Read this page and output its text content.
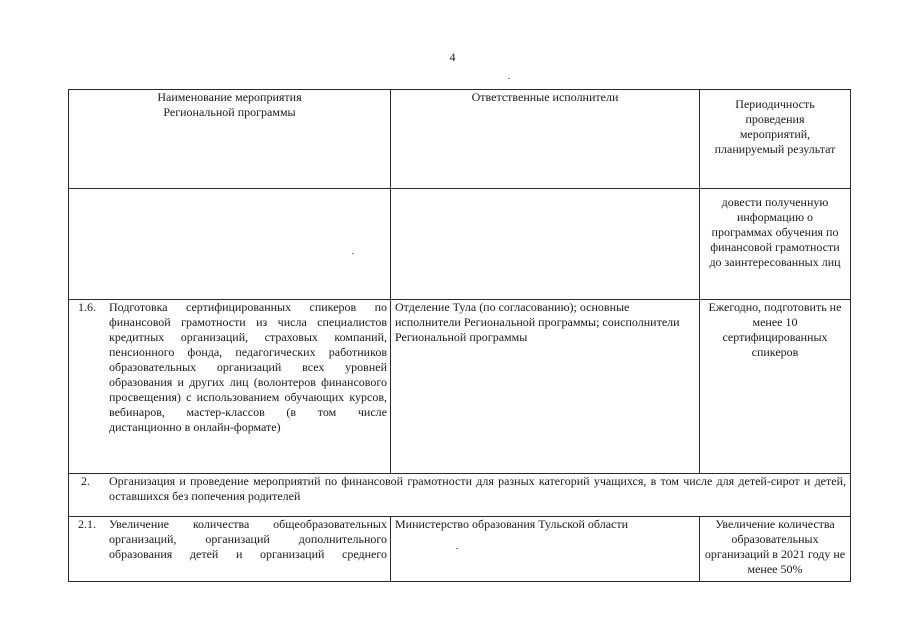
4
Наименование мероприятия Региональной программы	Ответственные исполнители	Периодичность проведения мероприятий, планируемый результат

		довести полученную информацию о программах обучения по финансовой грамотности до заинтересованных лиц

1.6. Подготовка сертифицированных спикеров по финансовой грамотности из числа специалистов кредитных организаций, страховых компаний, пенсионного фонда, педагогических работников образовательных организаций всех уровней образования и других лиц (волонтеров финансового просвещения) с использованием обучающих курсов, вебинаров, мастер-классов (в том числе дистанционно в онлайн-формате)	Отделение Тула (по согласованию); основные исполнители Региональной программы; соисполнители Региональной программы	Ежегодно, подготовить не менее 10 сертифицированных спикеров

2. Организация и проведение мероприятий по финансовой грамотности для разных категорий учащихся, в том числе для детей-сирот и детей, оставшихся без попечения родителей		

2.1. Увеличение количества общеобразовательных организаций, организаций дополнительного образования детей и организаций среднего	Министерство образования Тульской области	Увеличение количества образовательных организаций в 2021 году не менее 50%
